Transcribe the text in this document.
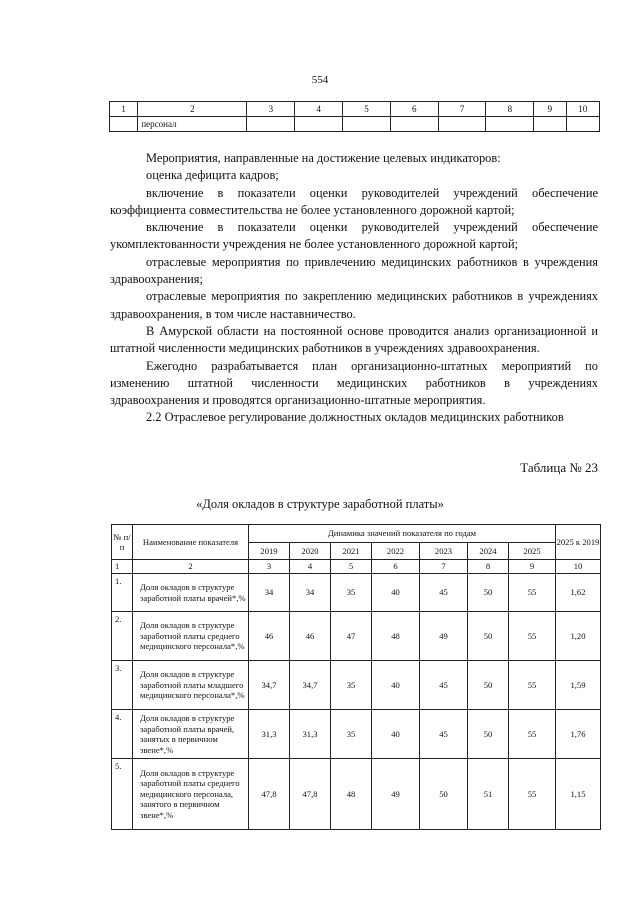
554
1	2	3	4	5	6	7	8	9	10
	персонал								

Мероприятия, направленные на достижение целевых индикаторов:

оценка дефицита кадров;

включение в показатели оценки руководителей учреждений обеспечение коэффициента совместительства не более установленного дорожной картой;

включение в показатели оценки руководителей учреждений обеспечение укомплектованности учреждения не более установленного дорожной картой;

отраслевые мероприятия по привлечению медицинских работников в учреждения здравоохранения;

отраслевые мероприятия по закреплению медицинских работников в учреждениях здравоохранения, в том числе наставничество.

В Амурской области на постоянной основе проводится анализ организационной и штатной численности медицинских работников в учреждениях здравоохранения.

Ежегодно разрабатывается план организационно-штатных мероприятий по изменению штатной численности медицинских работников в учреждениях здравоохранения и проводятся организационно-штатные мероприятия.

2.2 Отраслевое регулирование должностных окладов медицинских работников

Таблица № 23
«Доля окладов в структуре заработной платы»
№ п/п	Наименование показателя	Динамика значений показателя по годам							2025 к 2019
		2019	2020	2021	2022	2023	2024	2025	
1	2	3	4	5	6	7	8	9	10
1.	Доля окладов в структуре заработной платы врачей*,%	34	34	35	40	45	50	55	1,62
2.	Доля окладов в структуре заработной платы среднего медицинского персонала*,%	46	46	47	48	49	50	55	1,20
3.	Доля окладов в структуре заработной платы младшего медицинского персонала*,%	34,7	34,7	35	40	45	50	55	1,59
4.	Доля окладов в структуре заработной платы врачей, занятых в первичном звене*,%	31,3	31,3	35	40	45	50	55	1,76
5.	Доля окладов в структуре заработной платы среднего медицинского персонала, занятого в первичном звене*,%	47,8	47,8	48	49	50	51	55	1,15
